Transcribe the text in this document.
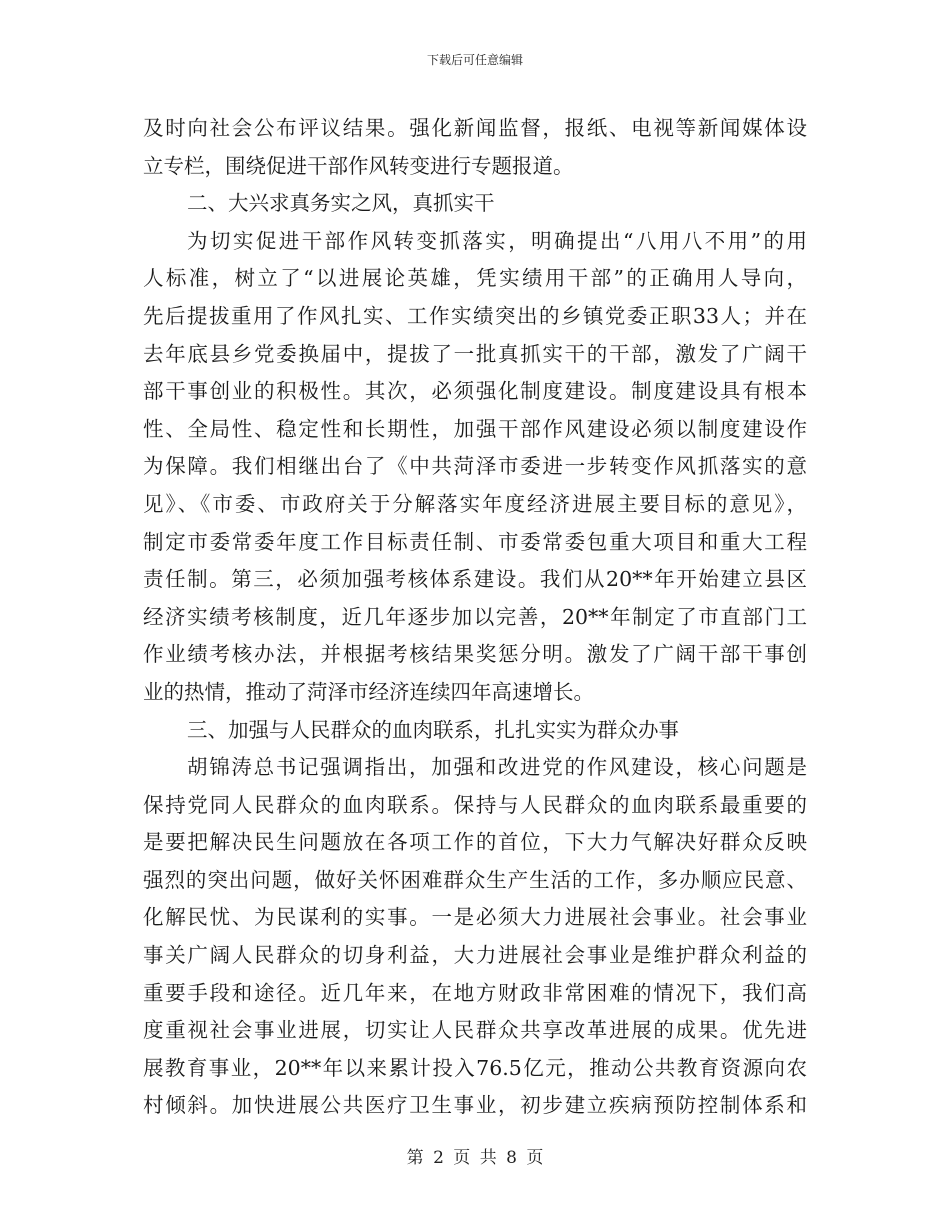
下载后可任意编辑
及时向社会公布评议结果。强化新闻监督，报纸、电视等新闻媒体设
立专栏，围绕促进干部作风转变进行专题报道。
二、大兴求真务实之风，真抓实干
为切实促进干部作风转变抓落实，明确提出“八用八不用”的用
人标准，树立了“以进展论英雄，凭实绩用干部”的正确用人导向，
先后提拔重用了作风扎实、工作实绩突出的乡镇党委正职33人；并在
去年底县乡党委换届中，提拔了一批真抓实干的干部，激发了广阔干
部干事创业的积极性。其次，必须强化制度建设。制度建设具有根本
性、全局性、稳定性和长期性，加强干部作风建设必须以制度建设作
为保障。我们相继出台了《中共菏泽市委进一步转变作风抓落实的意
见》、《市委、市政府关于分解落实年度经济进展主要目标的意见》，
制定市委常委年度工作目标责任制、市委常委包重大项目和重大工程
责任制。第三，必须加强考核体系建设。我们从20**年开始建立县区
经济实绩考核制度，近几年逐步加以完善，20**年制定了市直部门工
作业绩考核办法，并根据考核结果奖惩分明。激发了广阔干部干事创
业的热情，推动了菏泽市经济连续四年高速增长。
三、加强与人民群众的血肉联系，扎扎实实为群众办事
胡锦涛总书记强调指出，加强和改进党的作风建设，核心问题是
保持党同人民群众的血肉联系。保持与人民群众的血肉联系最重要的
是要把解决民生问题放在各项工作的首位，下大力气解决好群众反映
强烈的突出问题，做好关怀困难群众生产生活的工作，多办顺应民意、
化解民忧、为民谋利的实事。一是必须大力进展社会事业。社会事业
事关广阔人民群众的切身利益，大力进展社会事业是维护群众利益的
重要手段和途径。近几年来，在地方财政非常困难的情况下，我们高
度重视社会事业进展，切实让人民群众共享改革进展的成果。优先进
展教育事业，20**年以来累计投入76.5亿元，推动公共教育资源向农
村倾斜。加快进展公共医疗卫生事业，初步建立疾病预防控制体系和
第 2 页 共 8 页
